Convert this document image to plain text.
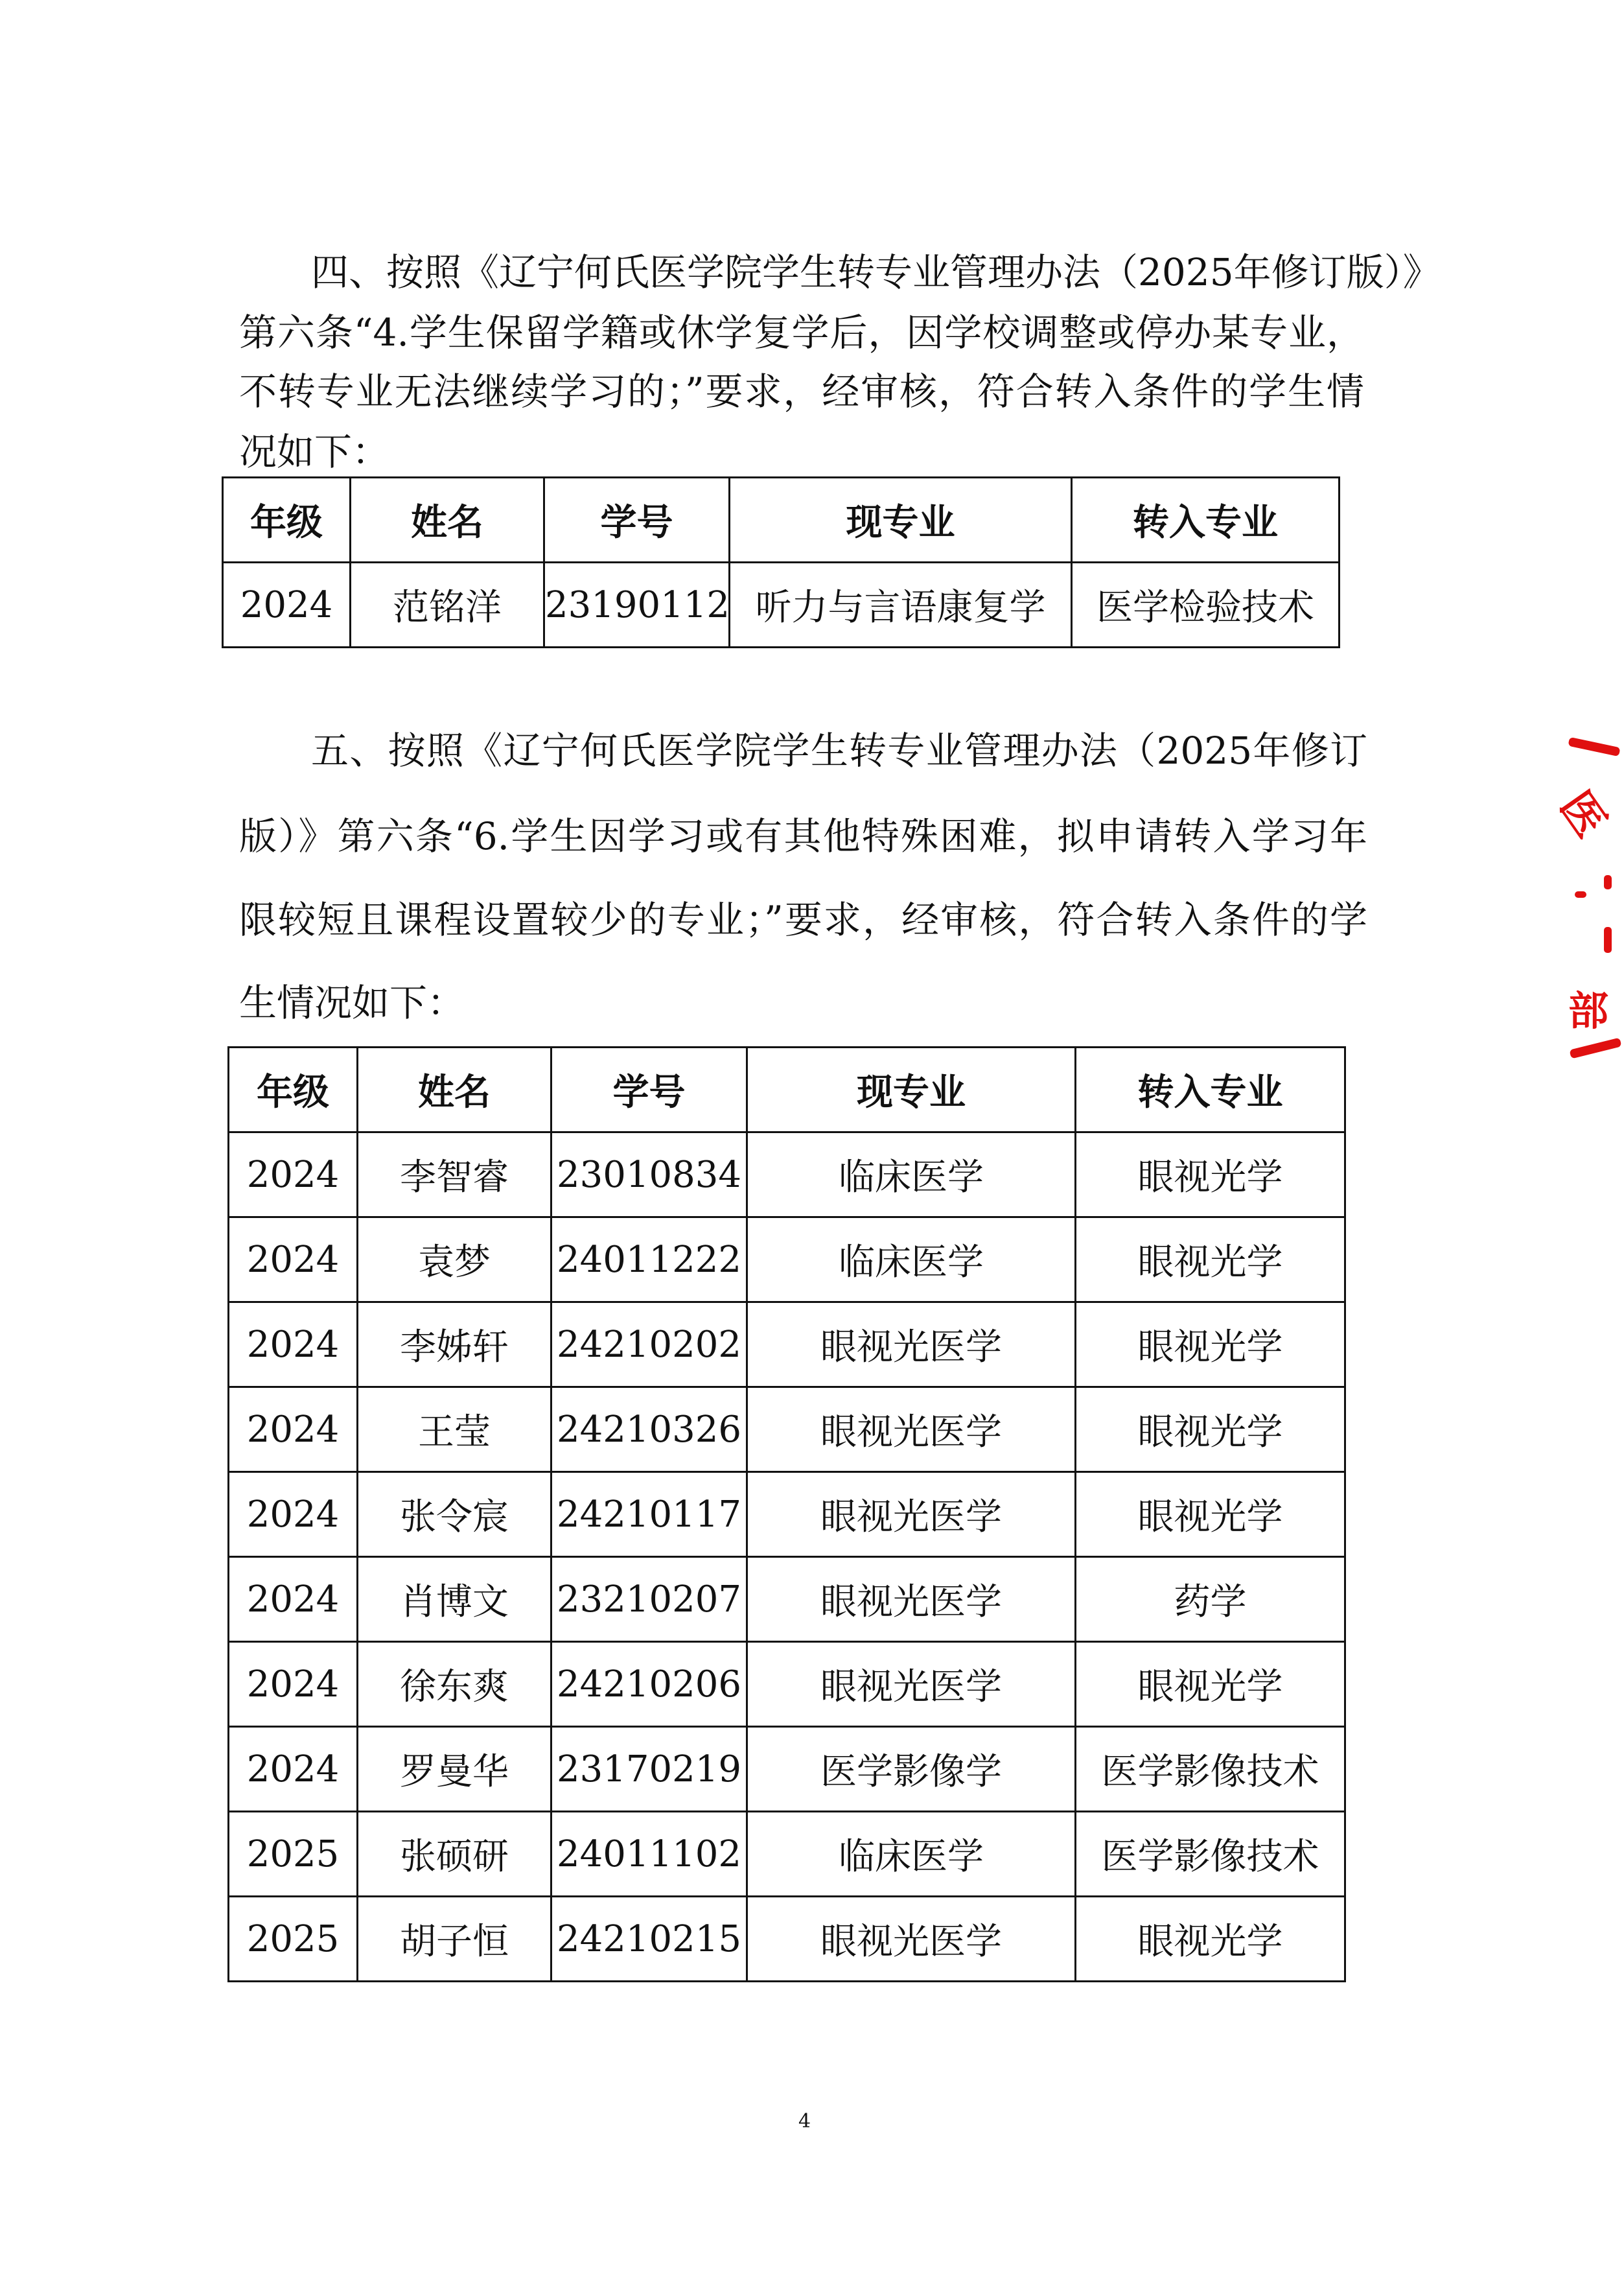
四、按照《辽宁何氏医学院学生转专业管理办法（2025年修订版）》
第六条“4.学生保留学籍或休学复学后，因学校调整或停办某专业，
不转专业无法继续学习的；”要求，经审核，符合转入条件的学生情
况如下：
年级	姓名	学号	现专业	转入专业
2024	范铭洋	23190112	听力与言语康复学	医学检验技术
五、按照《辽宁何氏医学院学生转专业管理办法（2025年修订
版）》第六条“6.学生因学习或有其他特殊困难，拟申请转入学习年
限较短且课程设置较少的专业；”要求，经审核，符合转入条件的学
生情况如下：
年级	姓名	学号	现专业	转入专业
2024	李智睿	23010834	临床医学	眼视光学
2024	袁梦	24011222	临床医学	眼视光学
2024	李姊轩	24210202	眼视光医学	眼视光学
2024	王莹	24210326	眼视光医学	眼视光学
2024	张令宸	24210117	眼视光医学	眼视光学
2024	肖博文	23210207	眼视光医学	药学
2024	徐东爽	24210206	眼视光医学	眼视光学
2024	罗曼华	23170219	医学影像学	医学影像技术
2025	张硕研	24011102	临床医学	医学影像技术
2025	胡子恒	24210215	眼视光医学	眼视光学
4
医
部
